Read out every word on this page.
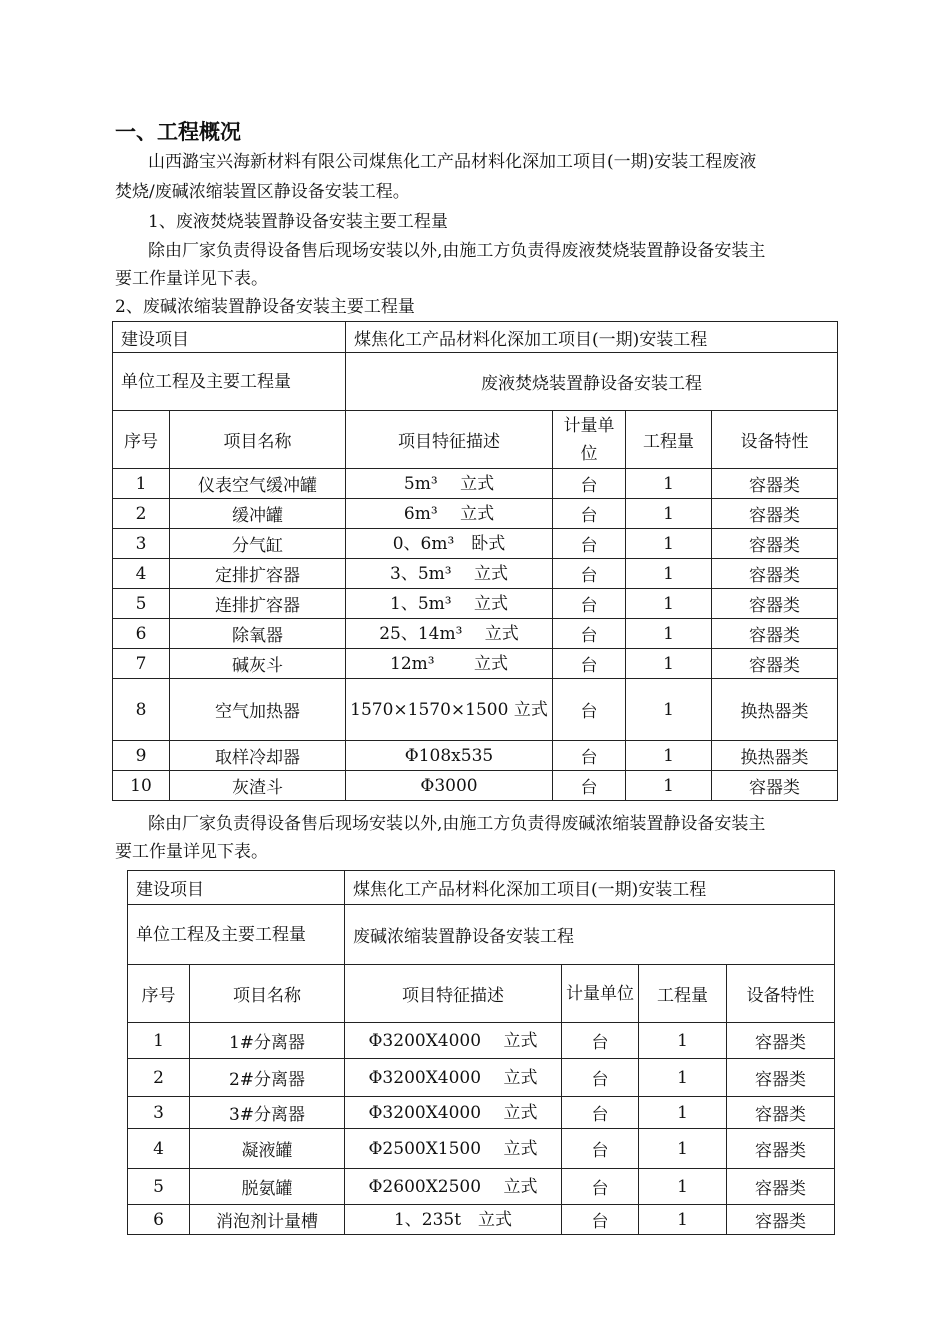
一、工程概况
山西潞宝兴海新材料有限公司煤焦化工产品材料化深加工项目(一期)安装工程废液
焚烧/废碱浓缩装置区静设备安装工程。
1、废液焚烧装置静设备安装主要工程量
除由厂家负责得设备售后现场安装以外,由施工方负责得废液焚烧装置静设备安装主
要工作量详见下表。
2、废碱浓缩装置静设备安装主要工程量
建设项目		煤焦化工产品材料化深加工项目(一期)安装工程			
单位工程及主要工程量		废液焚烧装置静设备安装工程			
序号	项目名称	项目特征描述	计量单位	工程量	设备特性
1	仪表空气缓冲罐	5m³　 立式	台	1	容器类
2	缓冲罐	6m³　 立式	台	1	容器类
3	分气缸	0、6m³　卧式	台	1	容器类
4	定排扩容器	3、5m³　 立式	台	1	容器类
5	连排扩容器	1、5m³　 立式	台	1	容器类
6	除氧器	25、14m³　 立式	台	1	容器类
7	碱灰斗	12m³　　 立式	台	1	容器类
8	空气加热器	1570×1570×1500 立式	台	1	换热器类
9	取样冷却器	Φ108x535	台	1	换热器类
10	灰渣斗	Φ3000	台	1	容器类
除由厂家负责得设备售后现场安装以外,由施工方负责得废碱浓缩装置静设备安装主
要工作量详见下表。
建设项目		煤焦化工产品材料化深加工项目(一期)安装工程			
单位工程及主要工程量		废碱浓缩装置静设备安装工程			
序号	项目名称	项目特征描述	计量单位	工程量	设备特性
1	1#分离器	Φ3200X4000　 立式	台	1	容器类
2	2#分离器	Φ3200X4000　 立式	台	1	容器类
3	3#分离器	Φ3200X4000　 立式	台	1	容器类
4	凝液罐	Φ2500X1500　 立式	台	1	容器类
5	脱氨罐	Φ2600X2500　 立式	台	1	容器类
6	消泡剂计量槽	1、235t　立式	台	1	容器类
